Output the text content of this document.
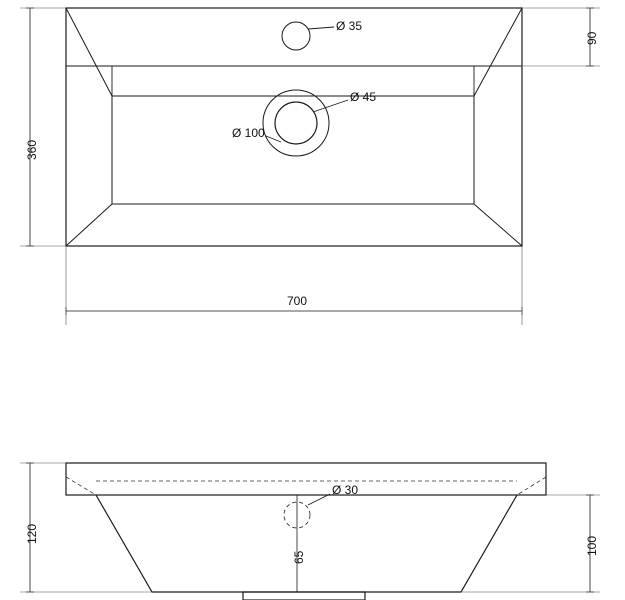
Ø 35
Ø 45
Ø 100
Ø 30
700
360
90
120
100
65
